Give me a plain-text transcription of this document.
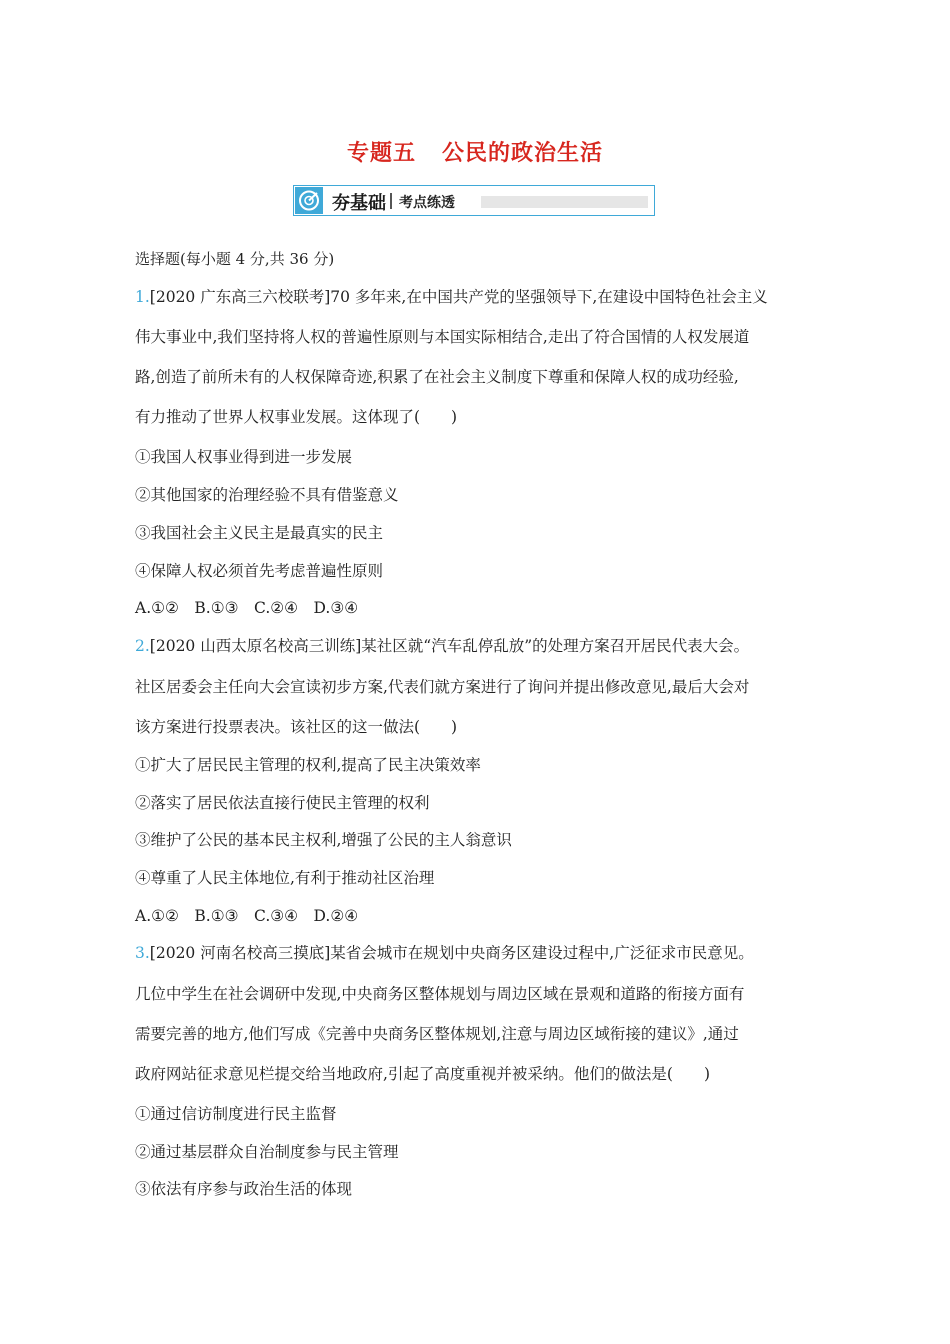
专题五 公民的政治生活
夯基础 考点练透
选择题(每小题 4 分,共 36 分)
1.[2020 广东高三六校联考]70 多年来,在中国共产党的坚强领导下,在建设中国特色社会主义
伟大事业中,我们坚持将人权的普遍性原则与本国实际相结合,走出了符合国情的人权发展道
路,创造了前所未有的人权保障奇迹,积累了在社会主义制度下尊重和保障人权的成功经验,
有力推动了世界人权事业发展。这体现了(　　)
①我国人权事业得到进一步发展
②其他国家的治理经验不具有借鉴意义
③我国社会主义民主是最真实的民主
④保障人权必须首先考虑普遍性原则
A.①②　B.①③　C.②④　D.③④
2.[2020 山西太原名校高三训练]某社区就“汽车乱停乱放”的处理方案召开居民代表大会。
社区居委会主任向大会宣读初步方案,代表们就方案进行了询问并提出修改意见,最后大会对
该方案进行投票表决。该社区的这一做法(　　)
①扩大了居民民主管理的权利,提高了民主决策效率
②落实了居民依法直接行使民主管理的权利
③维护了公民的基本民主权利,增强了公民的主人翁意识
④尊重了人民主体地位,有利于推动社区治理
A.①②　B.①③　C.③④　D.②④
3.[2020 河南名校高三摸底]某省会城市在规划中央商务区建设过程中,广泛征求市民意见。
几位中学生在社会调研中发现,中央商务区整体规划与周边区域在景观和道路的衔接方面有
需要完善的地方,他们写成《完善中央商务区整体规划,注意与周边区域衔接的建议》,通过
政府网站征求意见栏提交给当地政府,引起了高度重视并被采纳。他们的做法是(　　)
①通过信访制度进行民主监督
②通过基层群众自治制度参与民主管理
③依法有序参与政治生活的体现
